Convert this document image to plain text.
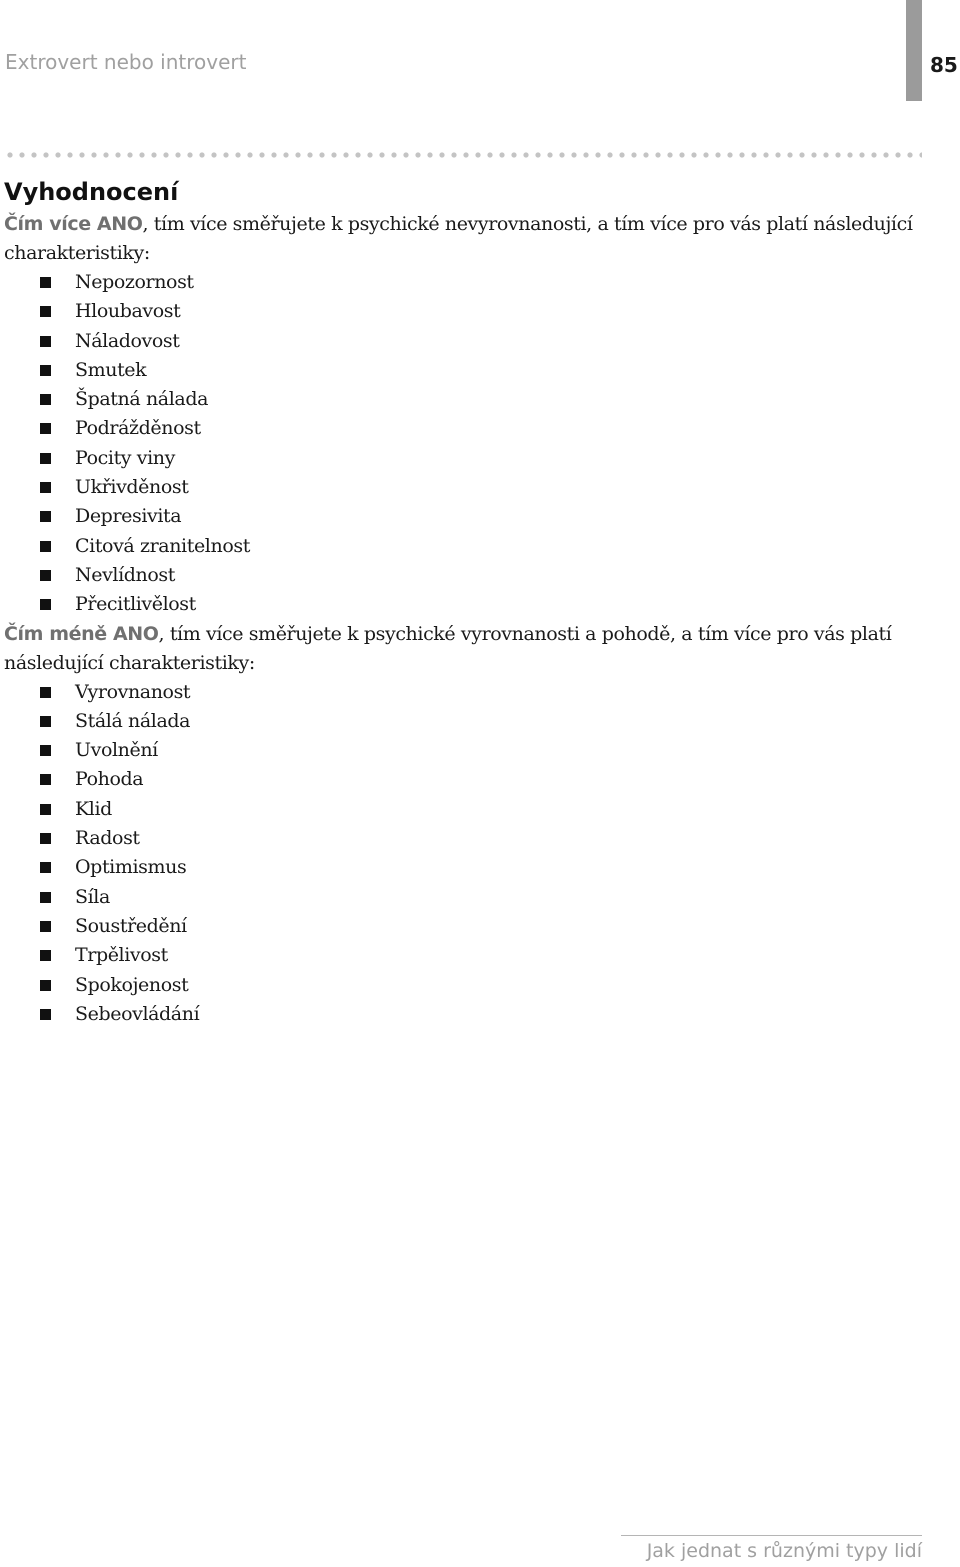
Extrovert nebo introvert	85
Vyhodnocení

Čím více ANO, tím více směřujete k psychické nevyrovnanosti, a tím více pro vás platí následující charakteristiky:

Nepozornost
Hloubavost
Náladovost
Smutek
Špatná nálada
Podrážděnost
Pocity viny
Ukřivděnost
Depresivita
Citová zranitelnost
Nevlídnost
Přecitlivělost

Čím méně ANO, tím více směřujete k psychické vyrovnanosti a pohodě, a tím více pro vás platí následující charakteristiky:

Vyrovnanost
Stálá nálada
Uvolnění
Pohoda
Klid
Radost
Optimismus
Síla
Soustředění
Trpělivost
Spokojenost
Sebeovládání
Jak jednat s různými typy lidí
